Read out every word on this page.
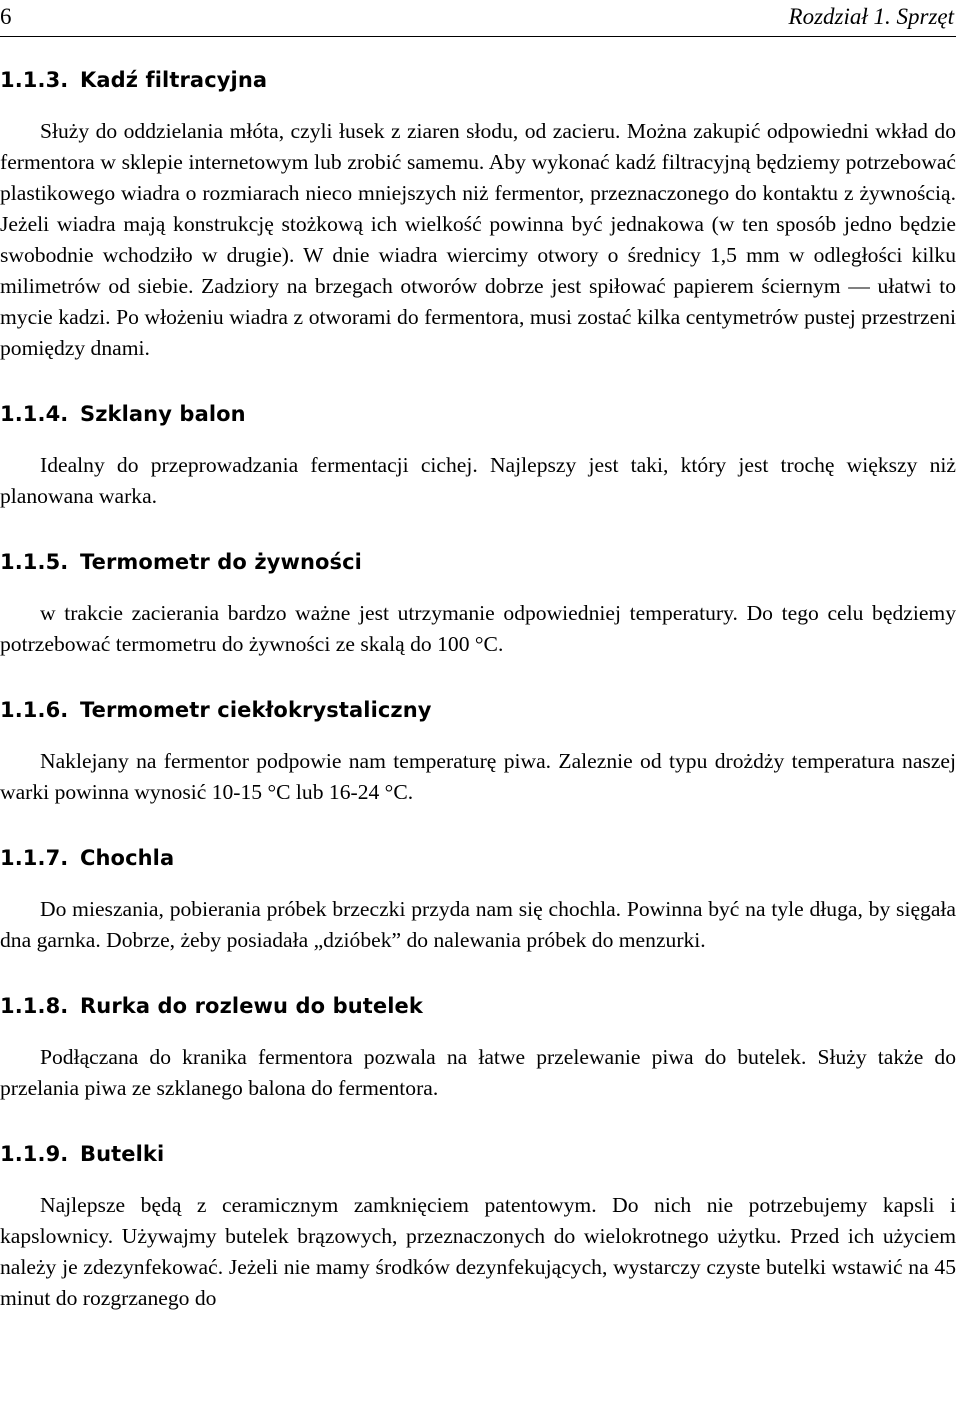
6	Rozdział 1. Sprzęt
1.1.3. Kadź filtracyjna

Służy do oddzielania młóta, czyli łusek z ziaren słodu, od zacieru. Można zakupić odpowiedni wkład do fermentora w sklepie internetowym lub zrobić samemu. Aby wykonać kadź filtracyjną będziemy potrzebować plastikowego wiadra o rozmiarach nieco mniejszych niż fermentor, przeznaczonego do kontaktu z żywnością. Jeżeli wiadra mają konstrukcję stożkową ich wielkość powinna być jednakowa (w ten sposób jedno będzie swobodnie wchodziło w drugie). W dnie wiadra wiercimy otwory o średnicy 1,5 mm w odległości kilku milimetrów od siebie. Zadziory na brzegach otworów dobrze jest spiłować papierem ściernym — ułatwi to mycie kadzi. Po włożeniu wiadra z otworami do fermentora, musi zostać kilka centymetrów pustej przestrzeni pomiędzy dnami.

1.1.4. Szklany balon

Idealny do przeprowadzania fermentacji cichej. Najlepszy jest taki, który jest trochę większy niż planowana warka.

1.1.5. Termometr do żywności

w trakcie zacierania bardzo ważne jest utrzymanie odpowiedniej temperatury. Do tego celu będziemy potrzebować termometru do żywności ze skalą do 100 °C.

1.1.6. Termometr ciekłokrystaliczny

Naklejany na fermentor podpowie nam temperaturę piwa. Zaleznie od typu drożdży temperatura naszej warki powinna wynosić 10-15 °C lub 16-24 °C.

1.1.7. Chochla

Do mieszania, pobierania próbek brzeczki przyda nam się chochla. Powinna być na tyle długa, by sięgała dna garnka. Dobrze, żeby posiadała „dzióbek” do nalewania próbek do menzurki.

1.1.8. Rurka do rozlewu do butelek

Podłączana do kranika fermentora pozwala na łatwe przelewanie piwa do butelek. Służy także do przelania piwa ze szklanego balona do fermentora.

1.1.9. Butelki

Najlepsze będą z ceramicznym zamknięciem patentowym. Do nich nie potrzebujemy kapsli i kapslownicy. Używajmy butelek brązowych, przeznaczonych do wielokrotnego użytku. Przed ich użyciem należy je zdezynfekować. Jeżeli nie mamy środków dezynfekujących, wystarczy czyste butelki wstawić na 45 minut do rozgrzanego do
